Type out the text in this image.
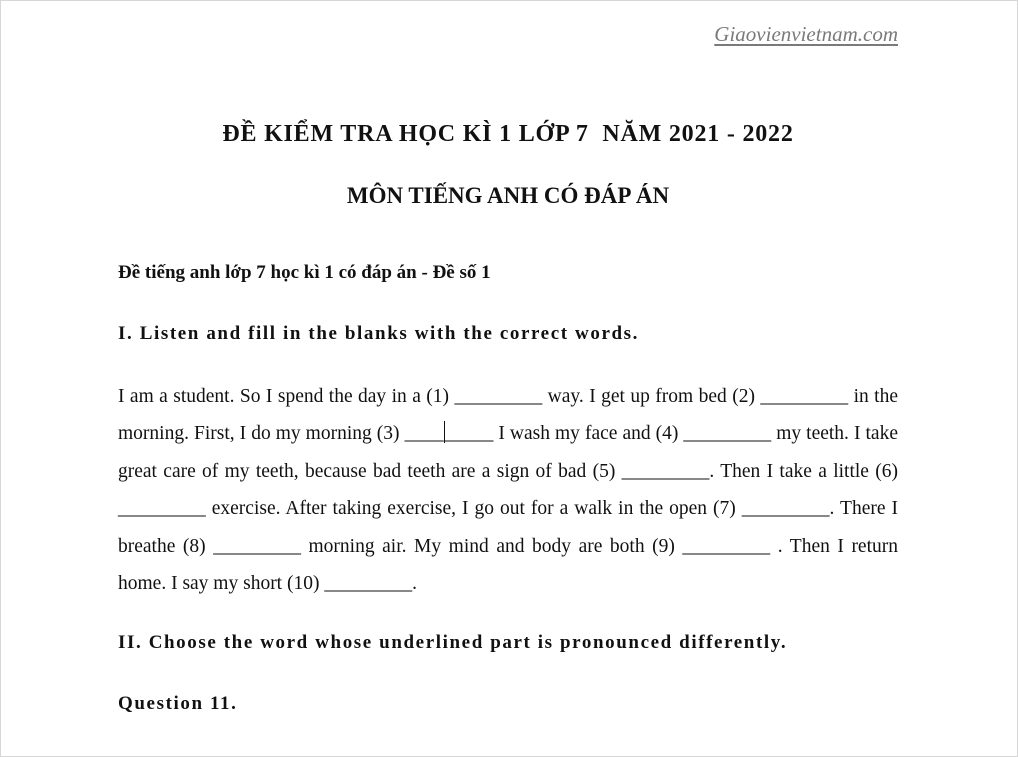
Giaovienvietnam.com
ĐỀ KIỂM TRA HỌC KÌ 1 LỚP 7  NĂM 2021 - 2022
MÔN TIẾNG ANH CÓ ĐÁP ÁN
Đề tiếng anh lớp 7 học kì 1 có đáp án - Đề số 1
I. Listen and fill in the blanks with the correct words.
I am a student. So I spend the day in a (1) _________ way. I get up from bed (2) _________ in the morning. First, I do my morning (3) _________ I wash my face and (4) _________ my teeth. I take great care of my teeth, because bad teeth are a sign of bad (5) _________. Then I take a little (6) _________ exercise. After taking exercise, I go out for a walk in the open (7) _________. There I breathe (8) _________ morning air. My mind and body are both (9) _________ . Then I return home. I say my short (10) _________.
II. Choose the word whose underlined part is pronounced differently.
Question 11.
